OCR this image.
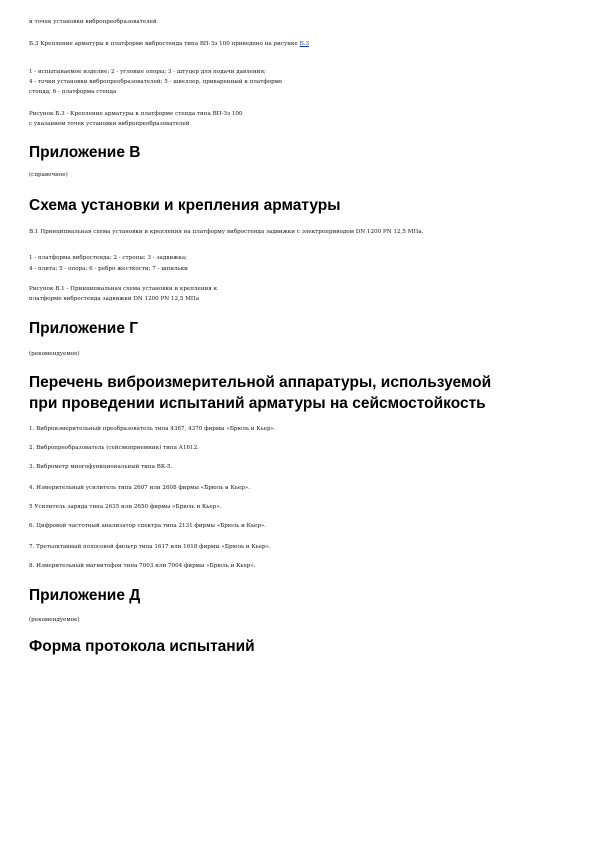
и точек установки вибропреобразователей
Б.3 Крепление арматуры к платформе вибростенда типа ВП-Зэ 100 приведено на рисунке Б.3
1 - испытываемое изделие; 2 - угловые опоры; 3 - штуцер для подачи давления;
4 - точки установки вибропреобразователей; 5 - швеллер, приваренный к платформе
стенда; 6 - платформа стенда
Рисунок Б.3 - Крепление арматуры к платформе стенда типа ВП-Зэ 100
с указанием точек установки вибропреобразователей
Приложение В
(справочное)
Схема установки и крепления арматуры
В.1 Принципиальная схема установки и крепления на платформу вибростенда задвижки с электроприводом DN 1200 PN 12,5 МПа.
1 - платформа вибростенда; 2 - стропы; 3 - задвижка;
4 - плита; 5 - опора; 6 - ребро жесткости; 7 - шпильки
Рисунок В.1 - Принципиальная схема установки и крепления к
платформе вибростенда задвижки DN 1200 PN 12,5 МПа
Приложение Г
(рекомендуемое)
Перечень виброизмерительной аппаратуры, используемой
при проведении испытаний арматуры на сейсмостойкость
1. Виброизмерительный преобразователь типа 4367, 4370 фирмы «Брюль и Кьер».
2. Вибропреобразователь (сейсмоприемник) типа А1612.
3. Виброметр многофункциональный типа ВК-5.
4. Измерительный усилитель типа 2607 или 2608 фирмы «Брюль и Кьер».
5 Усилитель заряда типа 2635 или 2650 фирмы «Брюль и Кьер».
6. Цифровой частотный анализатор спектра типа 2131 фирмы «Брюль и Кьер».
7. Третьоктавный полосовой фильтр типа 1617 или 1618 фирмы «Брюль и Кьер».
8. Измерительный магнитофон типа 7003 или 7004 фирмы «Брюль и Кьер».
Приложение Д
(рекомендуемое)
Форма протокола испытаний
